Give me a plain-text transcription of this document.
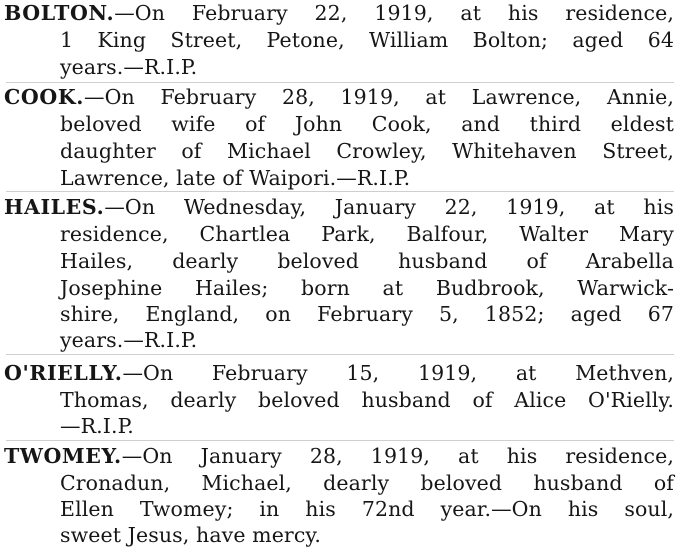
BOLTON.—On February 22, 1919, at his residence,
1 King Street, Petone, William Bolton; aged 64
years.—R.I.P.
COOK.—On February 28, 1919, at Lawrence, Annie,
beloved wife of John Cook, and third eldest
daughter of Michael Crowley, Whitehaven Street,
Lawrence, late of Waipori.—R.I.P.
HAILES.—On Wednesday, January 22, 1919, at his
residence, Chartlea Park, Balfour, Walter Mary
Hailes, dearly beloved husband of Arabella
Josephine Hailes; born at Budbrook, Warwick-
shire, England, on February 5, 1852; aged 67
years.—R.I.P.
O'RIELLY.—On February 15, 1919, at Methven,
Thomas, dearly beloved husband of Alice O'Rielly.
—R.I.P.
TWOMEY.—On January 28, 1919, at his residence,
Cronadun, Michael, dearly beloved husband of
Ellen Twomey; in his 72nd year.—On his soul,
sweet Jesus, have mercy.
